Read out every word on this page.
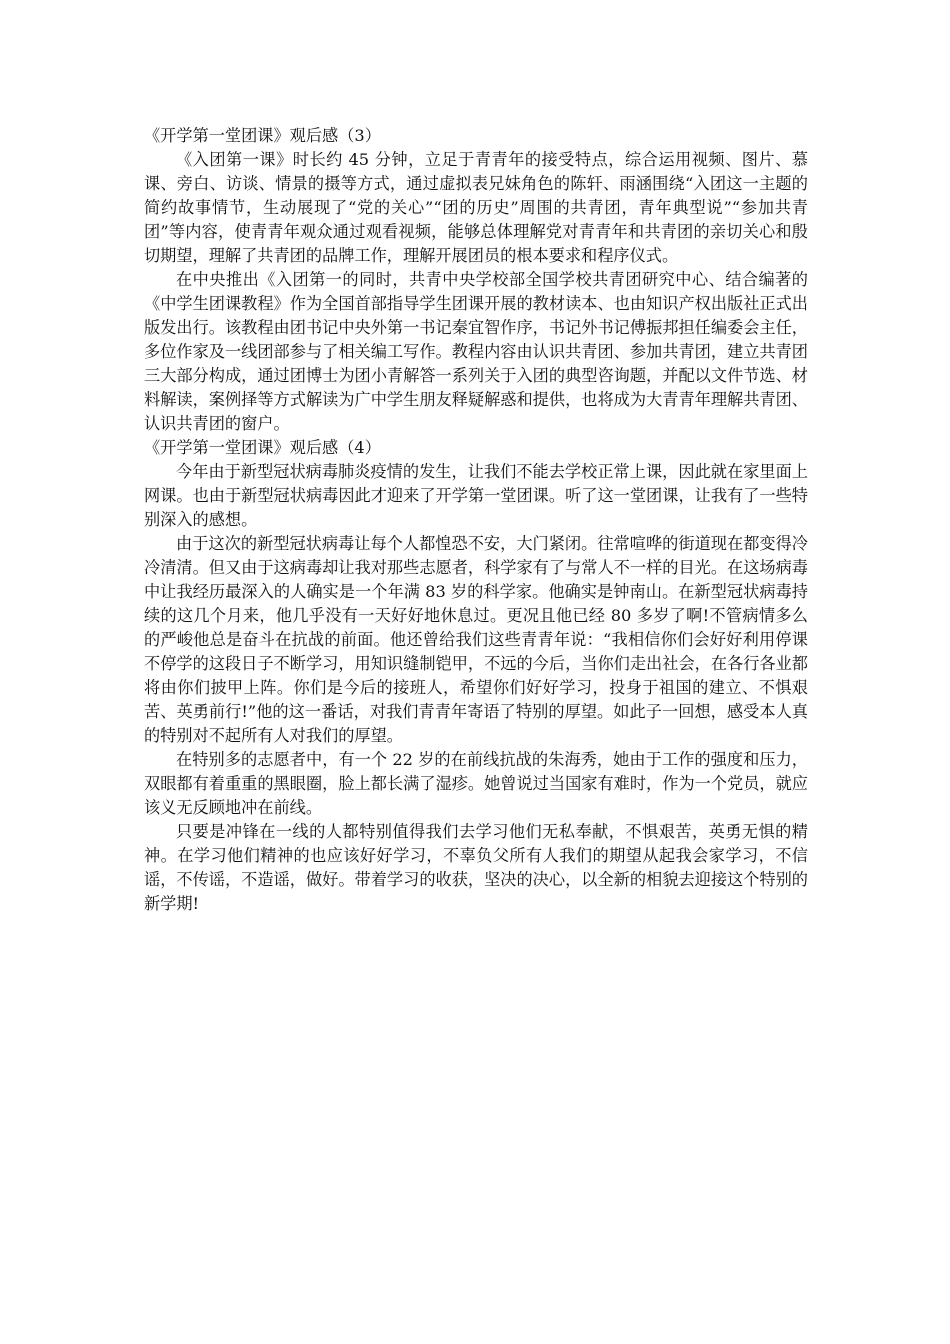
《开学第一堂团课》观后感（3）

《入团第一课》时长约 45 分钟，立足于青青年的接受特点，综合运用视频、图片、慕课、旁白、访谈、情景的摄等方式，通过虚拟表兄妹角色的陈轩、雨涵围绕“入团这一主题的简约故事情节，生动展现了“党的关心”“团的历史”周围的共青团，青年典型说”“参加共青团”等内容，使青青年观众通过观看视频，能够总体理解党对青青年和共青团的亲切关心和殷切期望，理解了共青团的品牌工作，理解开展团员的根本要求和程序仪式。

在中央推出《入团第一的同时，共青中央学校部全国学校共青团研究中心、结合编著的《中学生团课教程》作为全国首部指导学生团课开展的教材读本、也由知识产权出版社正式出版发出行。该教程由团书记中央外第一书记秦宜智作序，书记外书记傅振邦担任编委会主任，多位作家及一线团部参与了相关编工写作。教程内容由认识共青团、参加共青团，建立共青团三大部分构成，通过团博士为团小青解答一系列关于入团的典型咨询题，并配以文件节选、材料解读，案例择等方式解读为广中学生朋友释疑解惑和提供，也将成为大青青年理解共青团、认识共青团的窗户。

《开学第一堂团课》观后感（4）

今年由于新型冠状病毒肺炎疫情的发生，让我们不能去学校正常上课，因此就在家里面上网课。也由于新型冠状病毒因此才迎来了开学第一堂团课。听了这一堂团课，让我有了一些特别深入的感想。

由于这次的新型冠状病毒让每个人都惶恐不安，大门紧闭。往常喧哗的街道现在都变得冷冷清清。但又由于这病毒却让我对那些志愿者，科学家有了与常人不一样的目光。在这场病毒中让我经历最深入的人确实是一个年满 83 岁的科学家。他确实是钟南山。在新型冠状病毒持续的这几个月来，他几乎没有一天好好地休息过。更况且他已经 80 多岁了啊!不管病情多么的严峻他总是奋斗在抗战的前面。他还曾给我们这些青青年说：“我相信你们会好好利用停课不停学的这段日子不断学习，用知识缝制铠甲，不远的今后，当你们走出社会，在各行各业都将由你们披甲上阵。你们是今后的接班人，希望你们好好学习，投身于祖国的建立、不惧艰苦、英勇前行!”他的这一番话，对我们青青年寄语了特别的厚望。如此子一回想，感受本人真 的特别对不起所有人对我们的厚望。

在特别多的志愿者中，有一个 22 岁的在前线抗战的朱海秀，她由于工作的强度和压力，双眼都有着重重的黑眼圈，脸上都长满了湿疹。她曾说过当国家有难时，作为一个党员，就应该义无反顾地冲在前线。

只要是冲锋在一线的人都特别值得我们去学习他们无私奉献，不惧艰苦，英勇无惧的精神。在学习他们精神的也应该好好学习，不辜负父所有人我们的期望从起我会家学习，不信谣，不传谣，不造谣，做好。带着学习的收获，坚决的决心，以全新的相貌去迎接这个特别的新学期!
